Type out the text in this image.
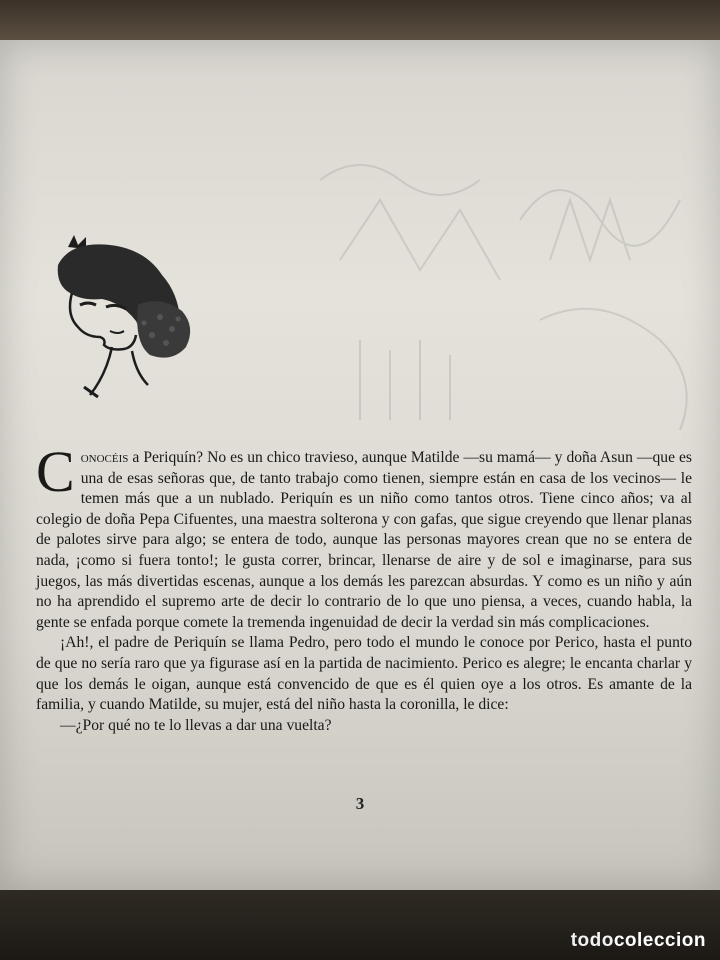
Conocéis a Periquín? No es un chico travieso, aunque Matilde —su mamá— y doña Asun —que es una de esas señoras que, de tanto trabajo como tienen, siempre están en casa de los vecinos— le temen más que a un nublado. Periquín es un niño como tantos otros. Tiene cinco años; va al colegio de doña Pepa Cifuentes, una maestra solterona y con gafas, que sigue creyendo que llenar planas de palotes sirve para algo; se entera de todo, aunque las personas mayores crean que no se entera de nada, ¡como si fuera tonto!; le gusta correr, brincar, llenarse de aire y de sol e imaginarse, para sus juegos, las más divertidas escenas, aunque a los demás les parezcan absurdas. Y como es un niño y aún no ha aprendido el supremo arte de decir lo contrario de lo que uno piensa, a veces, cuando habla, la gente se enfada porque comete la tremenda ingenuidad de decir la verdad sin más complicaciones.

¡Ah!, el padre de Periquín se llama Pedro, pero todo el mundo le conoce por Perico, hasta el punto de que no sería raro que ya figurase así en la partida de nacimiento. Perico es alegre; le encanta charlar y que los demás le oigan, aunque está convencido de que es él quien oye a los otros. Es amante de la familia, y cuando Matilde, su mujer, está del niño hasta la coronilla, le dice:

—¿Por qué no te lo llevas a dar una vuelta?

3
todocoleccion
